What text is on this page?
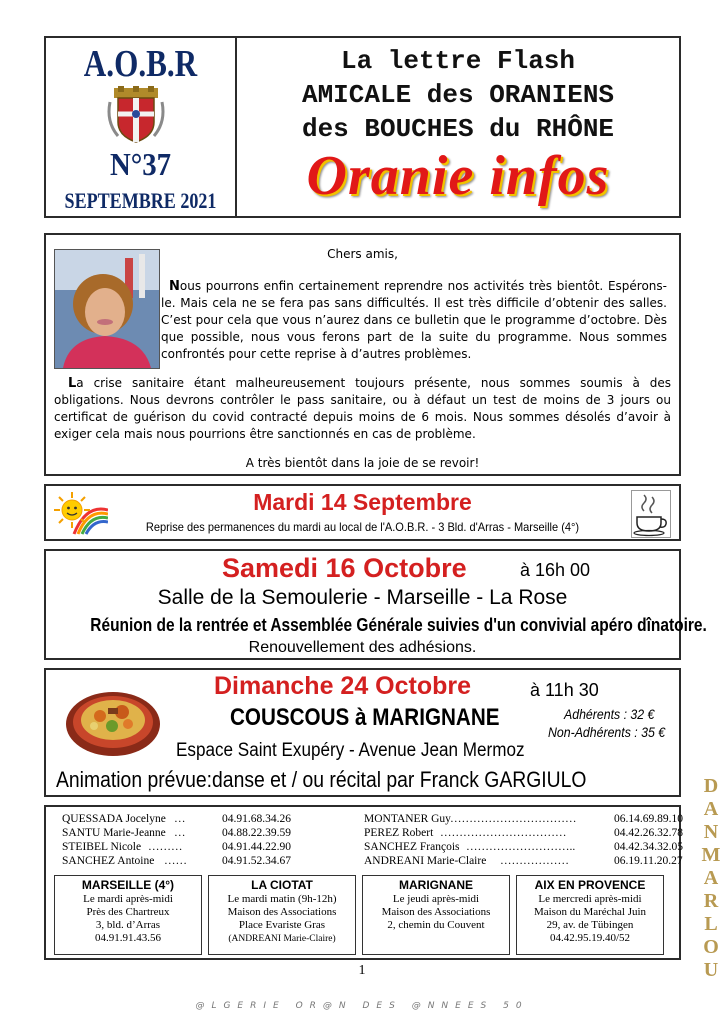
A.O.B.R
N°37
SEPTEMBRE 2021
La lettre Flash
AMICALE des ORANIENS
des BOUCHES du RHÔNE
Oranie infos
Chers amis,

Nous pourrons enfin certainement reprendre nos activités très bientôt. Espérons-le. Mais cela ne se fera pas sans difficultés. Il est très difficile d’obtenir des salles. C’est pour cela que vous n’aurez dans ce bulletin que le programme d’octobre. Dès que possible, nous vous ferons part de la suite du programme. Nous sommes confrontés pour cette reprise à d’autres problèmes.

La crise sanitaire étant malheureusement toujours présente, nous sommes soumis à des obligations. Nous devrons contrôler le pass sanitaire, ou à défaut un test de moins de 3 jours ou certificat de guérison du covid contracté depuis moins de 6 mois. Nous sommes désolés d’avoir à exiger cela mais nous pourrions être sanctionnés en cas de problème.

A très bientôt dans la joie de se revoir!
Mardi 14 Septembre
Reprise des permanences du mardi au local de l'A.O.B.R. - 3 Bld. d'Arras - Marseille (4°)
Samedi 16 Octobre	à 16h 00
Salle de la Semoulerie - Marseille - La Rose
Réunion de la rentrée et Assemblée Générale suivies d'un convivial apéro dînatoire.
Renouvellement des adhésions.
Dimanche 24 Octobre	à 11h 30
COUSCOUS à MARIGNANE	Adhérents : 32 €
Non-Adhérents : 35 €
Espace Saint Exupéry - Avenue Jean Mermoz
Animation prévue:danse et / ou récital par Franck GARGIULO
QUESSADA Jocelyne …	04.91.68.34.26
SANTU Marie-Jeanne …	04.88.22.39.59
STEIBEL Nicole ………	04.91.44.22.90
SANCHEZ Antoine ……	04.91.52.34.67
MONTANER Guy ……………………………	06.14.69.89.10
PEREZ Robert ……………………………	04.42.26.32.78
SANCHEZ François ………………………..	04.42.34.32.05
ANDREANI Marie-Claire ………………	06.19.11.20.27
MARSEILLE (4°)
Le mardi après-midi
Près des Chartreux
3, bld. d’Arras
04.91.91.43.56
LA CIOTAT
Le mardi matin (9h-12h)
Maison des Associations
Place Evariste Gras
(ANDREANI Marie-Claire)
MARIGNANE
Le jeudi après-midi
Maison des Associations
2, chemin du Couvent
AIX EN PROVENCE
Le mercredi après-midi
Maison du Maréchal Juin
29, av. de Tübingen
04.42.95.19.40/52
1
@LGERIE OR@N DES @NNEES 50
D
A
N
M
A
R
L
O
U
